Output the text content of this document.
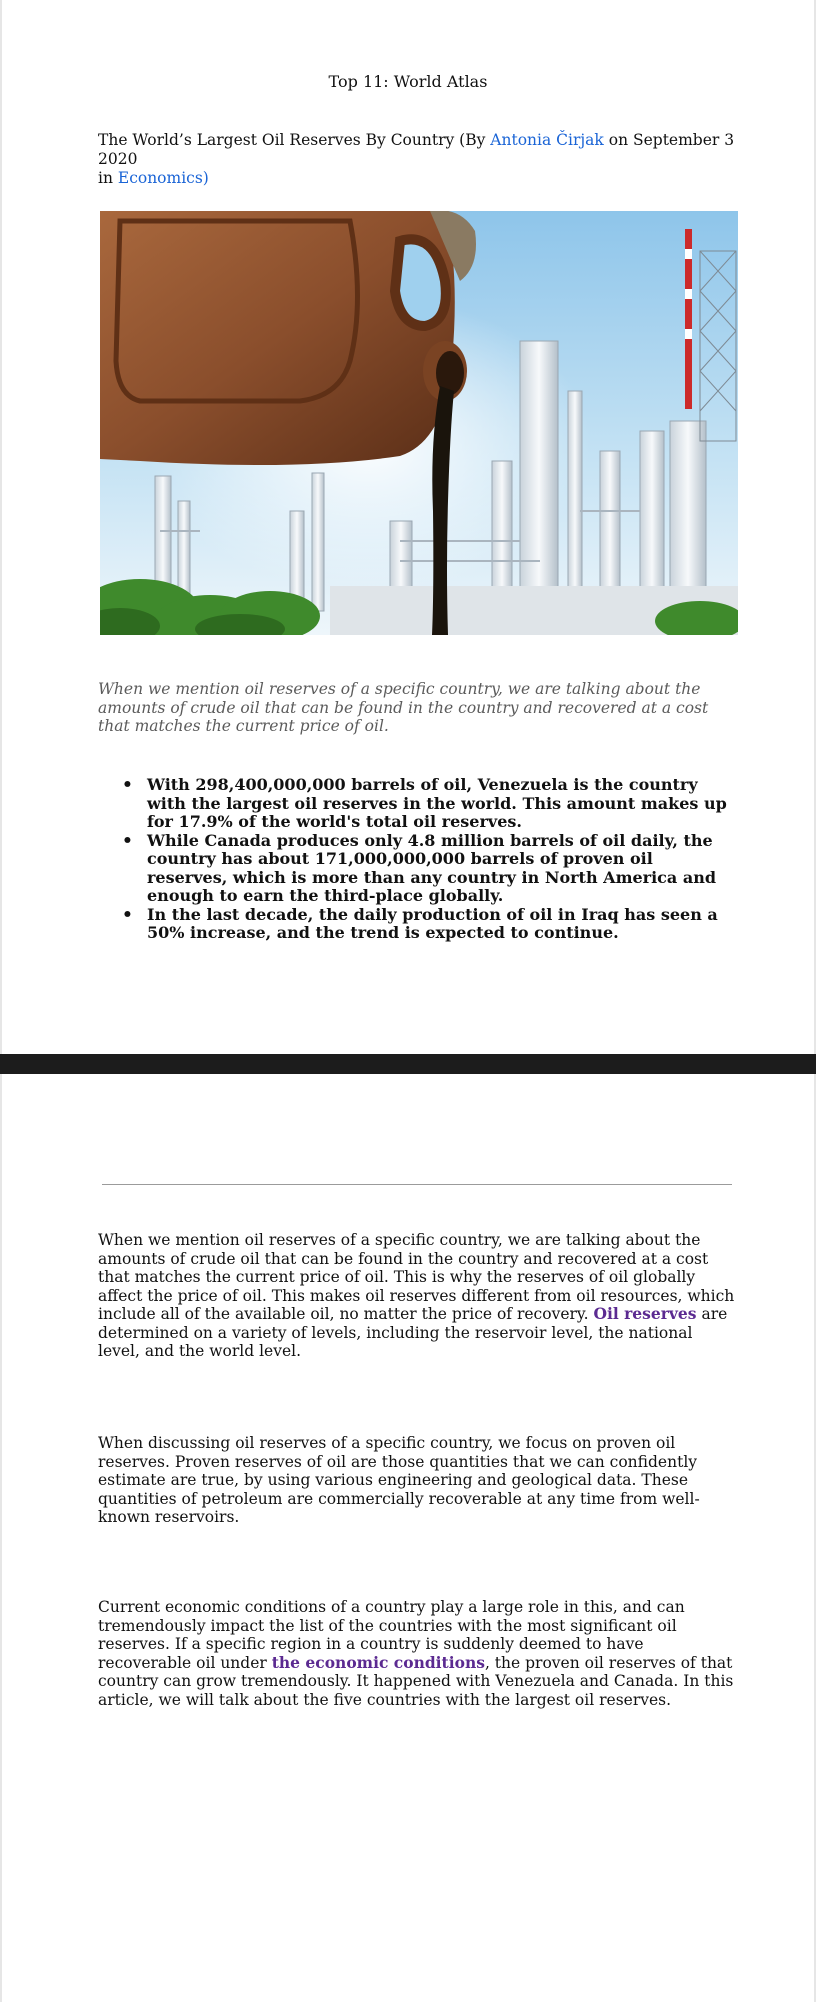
Top 11: World Atlas
The World’s Largest Oil Reserves By Country (By Antonia Čirjak on September 3 2020
in Economics)
When we mention oil reserves of a specific country, we are talking about the amounts of crude oil that can be found in the country and recovered at a cost that matches the current price of oil.
• With 298,400,000,000 barrels of oil, Venezuela is the country with the largest oil reserves in the world. This amount makes up for 17.9% of the world's total oil reserves.
• While Canada produces only 4.8 million barrels of oil daily, the country has about 171,000,000,000 barrels of proven oil reserves, which is more than any country in North America and enough to earn the third-place globally.
• In the last decade, the daily production of oil in Iraq has seen a 50% increase, and the trend is expected to continue.

When we mention oil reserves of a specific country, we are talking about the amounts of crude oil that can be found in the country and recovered at a cost that matches the current price of oil. This is why the reserves of oil globally affect the price of oil. This makes oil reserves different from oil resources, which include all of the available oil, no matter the price of recovery. Oil reserves are determined on a variety of levels, including the reservoir level, the national level, and the world level.

When discussing oil reserves of a specific country, we focus on proven oil reserves. Proven reserves of oil are those quantities that we can confidently estimate are true, by using various engineering and geological data. These quantities of petroleum are commercially recoverable at any time from well-known reservoirs.

Current economic conditions of a country play a large role in this, and can tremendously impact the list of the countries with the most significant oil reserves. If a specific region in a country is suddenly deemed to have recoverable oil under the economic conditions, the proven oil reserves of that country can grow tremendously. It happened with Venezuela and Canada. In this article, we will talk about the five countries with the largest oil reserves.
